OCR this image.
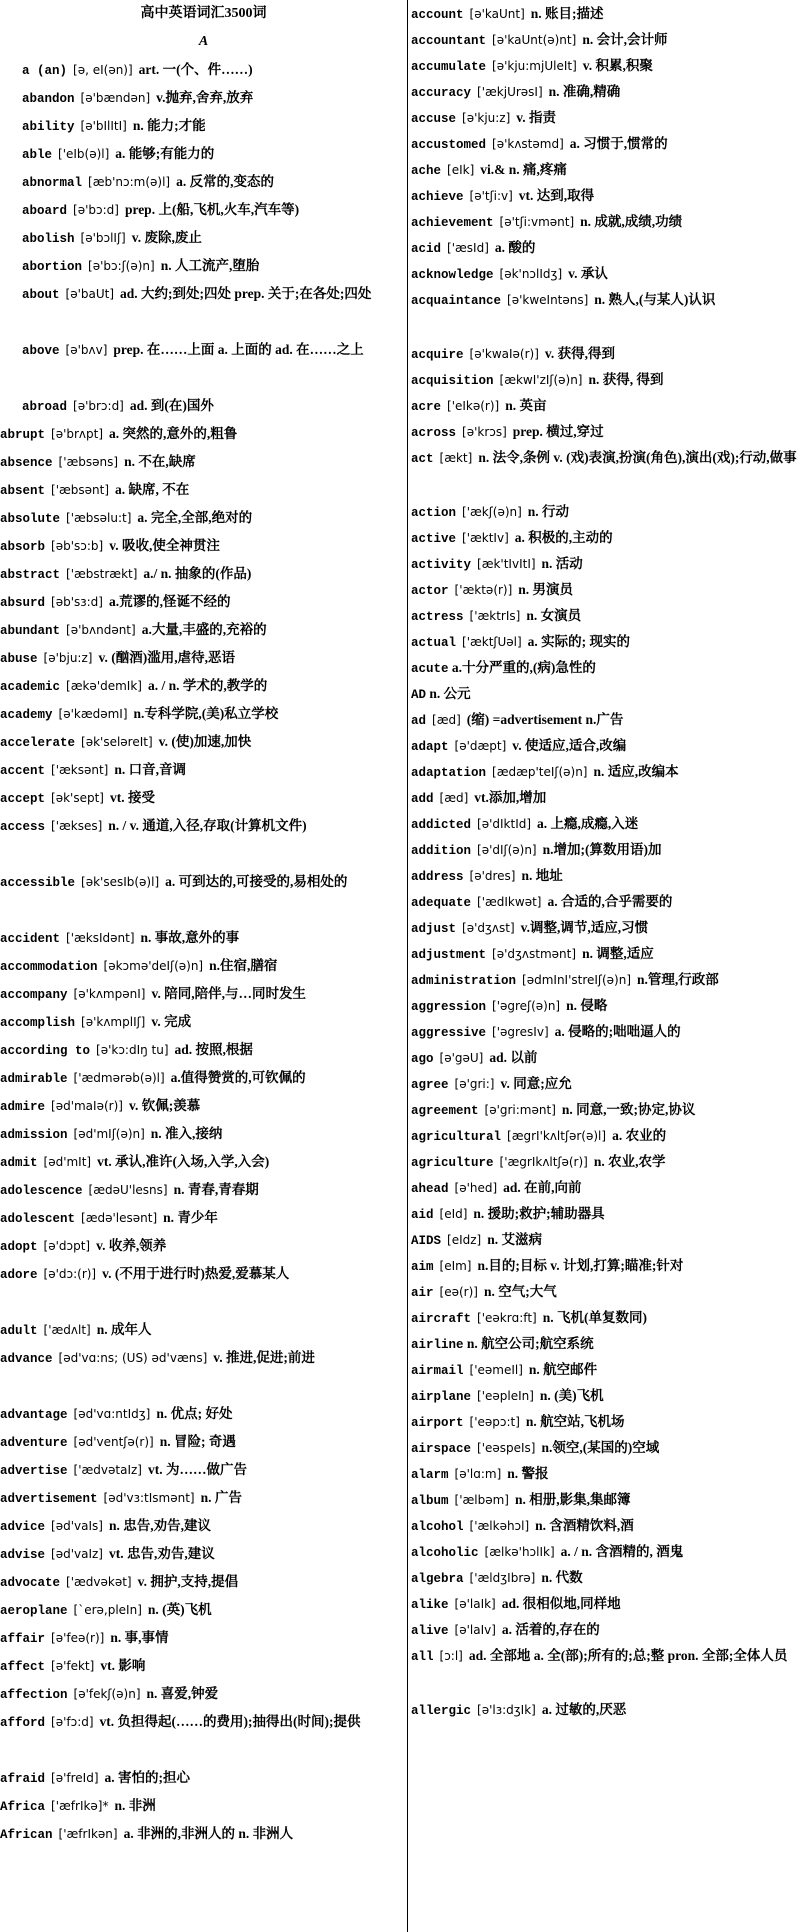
高中英语词汇3500词
A
a (an) [ə, eI(ən)] art. 一(个、件……)
abandon [ə'bændən] v.抛弃,舍弃,放弃
ability [ə'bIlItI] n. 能力;才能
able ['eIb(ə)l] a. 能够;有能力的
abnormal [æb'nɔ:m(ə)l] a. 反常的,变态的
aboard [ə'bɔ:d] prep. 上(船,飞机,火车,汽车等)
abolish [ə'bɔlIʃ] v. 废除,废止
abortion [ə'bɔ:ʃ(ə)n] n. 人工流产,堕胎
about [ə'baUt] ad. 大约;到处;四处 prep. 关于;在各处;四处
above [ə'bʌv] prep. 在……上面 a. 上面的 ad. 在……之上
abroad [ə'brɔ:d] ad. 到(在)国外
abrupt [ə'brʌpt] a. 突然的,意外的,粗鲁
absence ['æbsəns] n. 不在,缺席
absent ['æbsənt] a. 缺席, 不在
absolute ['æbsəlu:t] a. 完全,全部,绝对的
absorb [əb'sɔ:b] v. 吸收,使全神贯注
abstract ['æbstrækt] a./ n. 抽象的(作品)
absurd [əb'sɜ:d] a.荒谬的,怪诞不经的
abundant [ə'bʌndənt] a.大量,丰盛的,充裕的
abuse [ə'bju:z] v. (酗酒)滥用,虐待,恶语
academic [ækə'demIk] a. / n. 学术的,教学的
academy [ə'kædəmI] n.专科学院,(美)私立学校
accelerate [ək'seləreIt] v. (使)加速,加快
accent ['æksənt] n. 口音,音调
accept [ək'sept] vt. 接受
access ['ækses] n. / v. 通道,入径,存取(计算机文件)
accessible [ək'sesIb(ə)l] a. 可到达的,可接受的,易相处的
accident ['æksIdənt] n. 事故,意外的事
accommodation [əkɔmə'deIʃ(ə)n] n.住宿,膳宿
accompany [ə'kʌmpənI] v. 陪同,陪伴,与…同时发生
accomplish [ə'kʌmplIʃ] v. 完成
according to [ə'kɔ:dIŋ tu] ad. 按照,根据
admirable ['ædmərəb(ə)l] a.值得赞赏的,可钦佩的
admire [əd'maIə(r)] v. 钦佩;羡慕
admission [əd'mIʃ(ə)n] n. 准入,接纳
admit [əd'mIt] vt. 承认,准许(入场,入学,入会)
adolescence [ædəU'lesns] n. 青春,青春期
adolescent [ædə'lesənt] n. 青少年
adopt [ə'dɔpt] v. 收养,领养
adore [ə'dɔ:(r)] v. (不用于进行时)热爱,爱慕某人
adult ['ædʌlt] n. 成年人
advance [əd'vɑ:ns; (US) əd'væns] v. 推进,促进;前进
advantage [əd'vɑ:ntIdʒ] n. 优点; 好处
adventure [əd'ventʃə(r)] n. 冒险; 奇遇
advertise ['ædvətaIz] vt. 为……做广告
advertisement [əd'vɜ:tIsmənt] n. 广告
advice [əd'vaIs] n. 忠告,劝告,建议
advise [əd'vaIz] vt. 忠告,劝告,建议
advocate ['ædvəkət] v. 拥护,支持,提倡
aeroplane [`erə,pleIn] n. (英)飞机
affair [ə'feə(r)] n. 事,事情
affect [ə'fekt] vt. 影响
affection [ə'fekʃ(ə)n] n. 喜爱,钟爱
afford [ə'fɔ:d] vt. 负担得起(……的费用);抽得出(时间);提供
afraid [ə'freId] a. 害怕的;担心
Africa ['æfrIkə]* n. 非洲
African ['æfrIkən] a. 非洲的,非洲人的 n. 非洲人
account [ə'kaUnt] n. 账目;描述
accountant [ə'kaUnt(ə)nt] n. 会计,会计师
accumulate [ə'kju:mjUleIt] v. 积累,积聚
accuracy ['ækjUrəsI] n. 准确,精确
accuse [ə'kju:z] v. 指责
accustomed [ə'kʌstəmd] a. 习惯于,惯常的
ache [eIk] vi.& n. 痛,疼痛
achieve [ə'tʃi:v] vt. 达到,取得
achievement [ə'tʃi:vmənt] n. 成就,成绩,功绩
acid ['æsId] a. 酸的
acknowledge [ək'nɔlIdʒ] v. 承认
acquaintance [ə'kweIntəns] n. 熟人,(与某人)认识
acquire [ə'kwaIə(r)] v. 获得,得到
acquisition [ækwI'zIʃ(ə)n] n. 获得, 得到
acre ['eIkə(r)] n. 英亩
across [ə'krɔs] prep. 横过,穿过
act [ækt] n. 法令,条例 v. (戏)表演,扮演(角色),演出(戏);行动,做事
action ['ækʃ(ə)n] n. 行动
active ['æktIv] a. 积极的,主动的
activity [æk'tIvItI] n. 活动
actor ['æktə(r)] n. 男演员
actress ['æktrIs] n. 女演员
actual ['æktʃUəl] a. 实际的; 现实的
acute a.十分严重的,(病)急性的
AD n. 公元
ad [æd] (缩) =advertisement n.广告
adapt [ə'dæpt] v. 使适应,适合,改编
adaptation [ædæp'teIʃ(ə)n] n. 适应,改编本
add [æd] vt.添加,增加
addicted [ə'dIktId] a. 上瘾,成瘾,入迷
addition [ə'dIʃ(ə)n] n.增加;(算数用语)加
address [ə'dres] n. 地址
adequate ['ædIkwət] a. 合适的,合乎需要的
adjust [ə'dʒʌst] v.调整,调节,适应,习惯
adjustment [ə'dʒʌstmənt] n. 调整,适应
administration [ədmInI'streIʃ(ə)n] n.管理,行政部
aggression ['əgreʃ(ə)n] n. 侵略
aggressive ['əgresIv] a. 侵略的;咄咄逼人的
ago [ə'gəU] ad. 以前
agree [ə'gri:] v. 同意;应允
agreement [ə'gri:mənt] n. 同意,一致;协定,协议
agricultural [ægrI'kʌltʃər(ə)l] a. 农业的
agriculture ['ægrIkʌltʃə(r)] n. 农业,农学
ahead [ə'hed] ad. 在前,向前
aid [eId] n. 援助;救护;辅助器具
AIDS [eIdz] n. 艾滋病
aim [eIm] n.目的;目标 v. 计划,打算;瞄准;针对
air [eə(r)] n. 空气;大气
aircraft ['eəkrɑ:ft] n. 飞机(单复数同)
airline n. 航空公司;航空系统
airmail ['eəmeIl] n. 航空邮件
airplane ['eəpleIn] n. (美)飞机
airport ['eəpɔ:t] n. 航空站,飞机场
airspace ['eəspeIs] n.领空,(某国的)空域
alarm [ə'lɑ:m] n. 警报
album ['ælbəm] n. 相册,影集,集邮簿
alcohol ['ælkəhɔl] n. 含酒精饮料,酒
alcoholic [ælkə'hɔlIk] a. / n. 含酒精的, 酒鬼
algebra ['ældʒIbrə] n. 代数
alike [ə'laIk] ad. 很相似地,同样地
alive [ə'laIv] a. 活着的,存在的
all [ɔ:l] ad. 全部地 a. 全(部);所有的;总;整 pron. 全部;全体人员
allergic [ə'lɜ:dʒIk] a. 过敏的,厌恶
